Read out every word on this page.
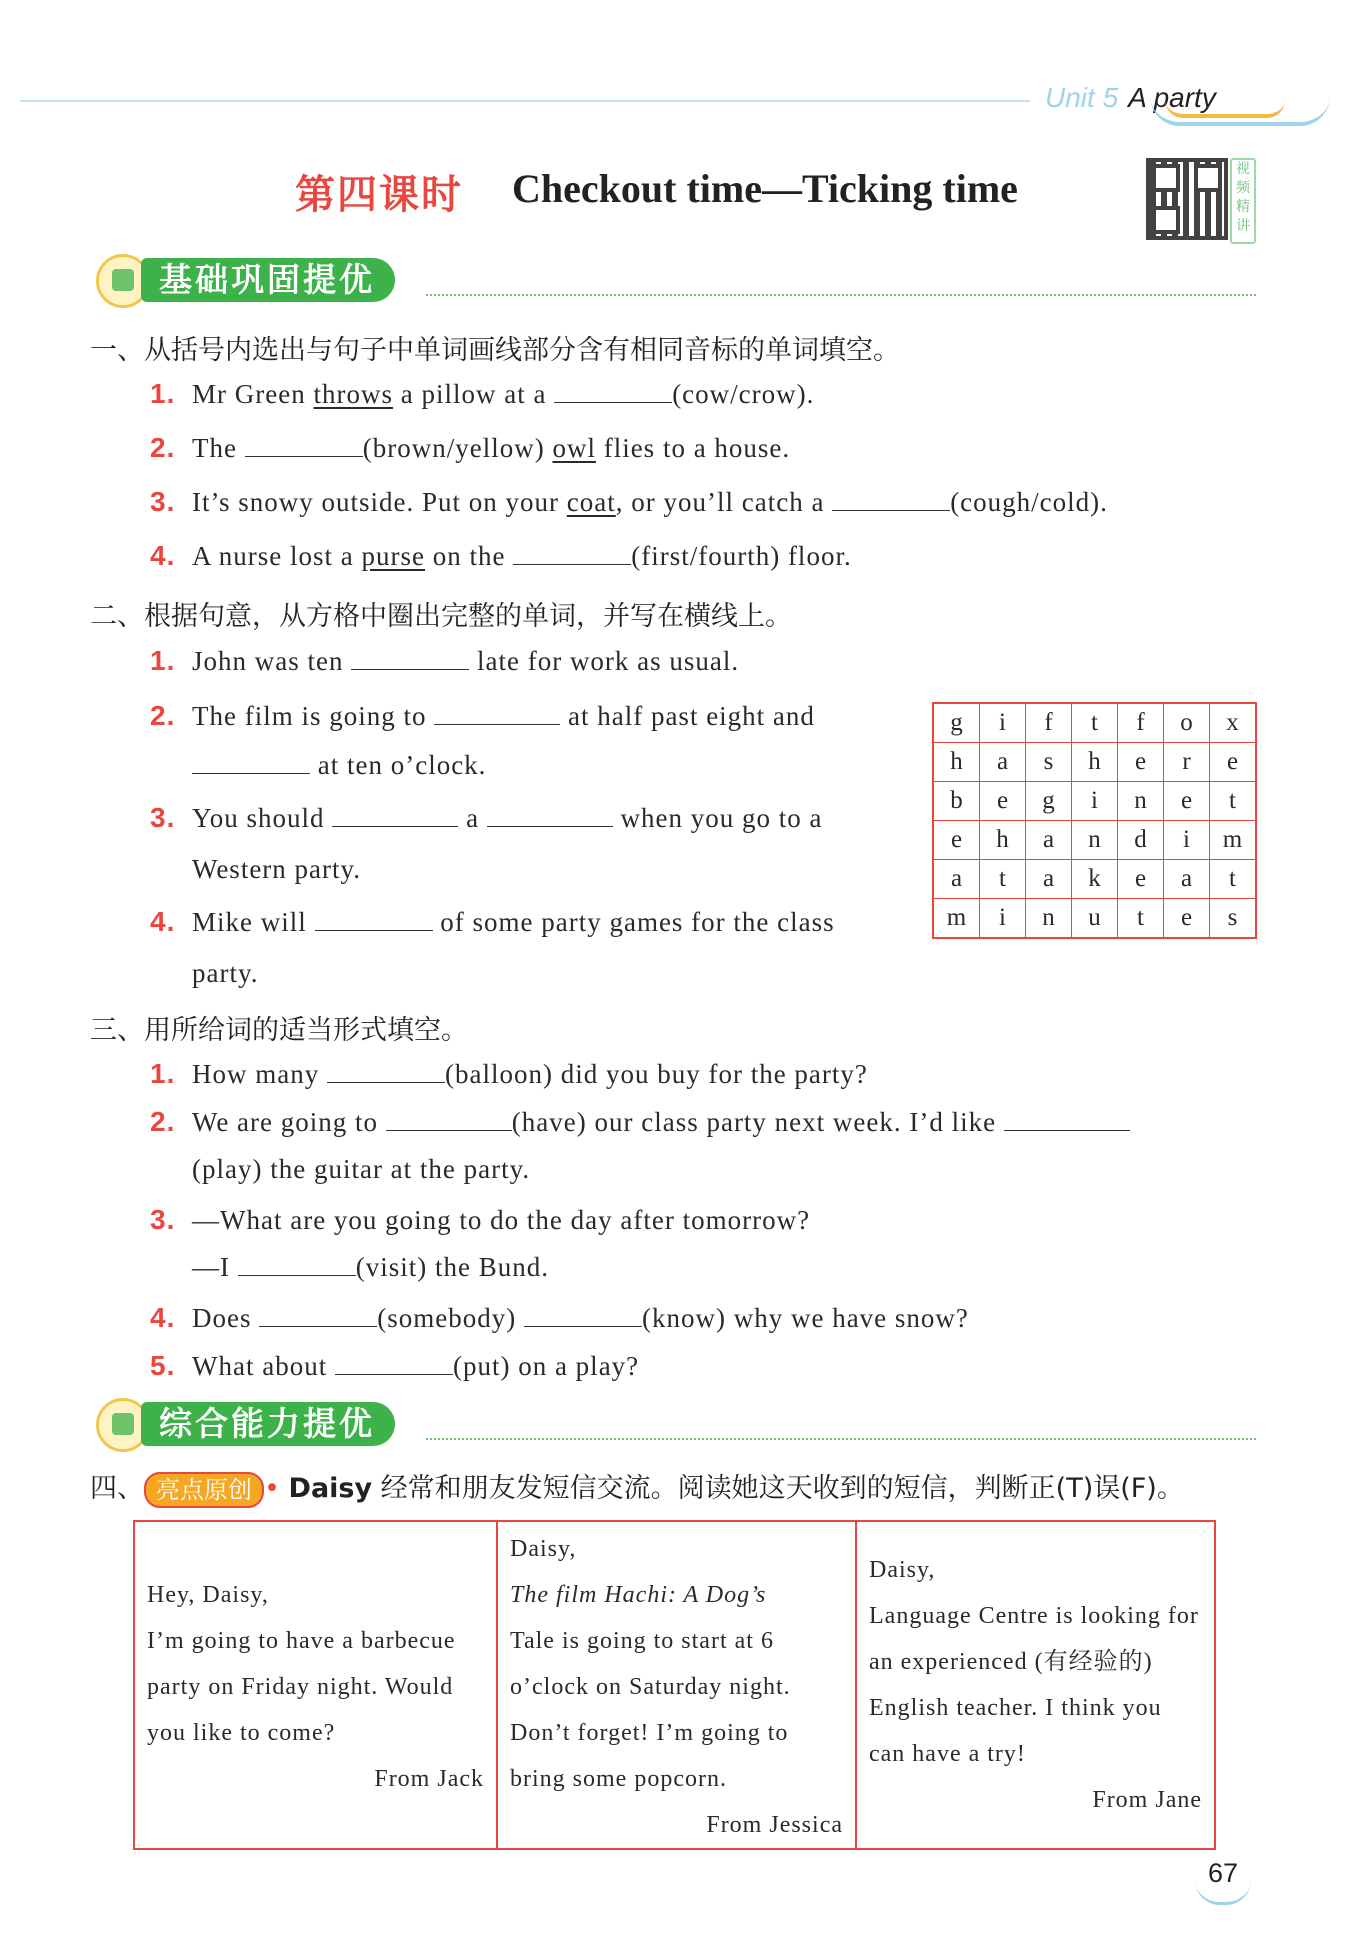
Unit 5 A party
第四课时 Checkout time—Ticking time	视频精讲
基础巩固提优
一、从括号内选出与句子中单词画线部分含有相同音标的单词填空。
1. Mr Green throws a pillow at a	(cow/crow).
2. The	(brown/yellow) owl flies to a house.
3. It’s snowy outside. Put on your coat, or you’ll catch a	(cough/cold).
4. A nurse lost a purse on the	(first/fourth) floor.
二、根据句意，从方格中圈出完整的单词，并写在横线上。
1. John was ten	late for work as usual.
2. The film is going to	at half past eight and
at ten o’clock.
3. You should	a	when you go to a
Western party.
4. Mike will	of some party games for the class
party.
g	i	f	t	f	o	x
h	a	s	h	e	r	e
b	e	g	i	n	e	t
e	h	a	n	d	i	m
a	t	a	k	e	a	t
m	i	n	u	t	e	s
三、用所给词的适当形式填空。
1. How many	(balloon) did you buy for the party?
2. We are going to	(have) our class party next week. I’d like
(play) the guitar at the party.
3. —What are you going to do the day after tomorrow?
—I	(visit) the Bund.
4. Does	(somebody)	(know) why we have snow?
5. What about	(put) on a play?
综合能力提优
四、 亮点原创 • Daisy 经常和朋友发短信交流。阅读她这天收到的短信，判断正(T)误(F)。

Hey, Daisy,

I’m going to have a barbecue

party on Friday night. Would

you like to come?

From Jack

Daisy,

The film Hachi: A Dog’s

Tale is going to start at 6

o’clock on Saturday night.

Don’t forget! I’m going to

bring some popcorn.

From Jessica

Daisy,

Language Centre is looking for

an experienced (有经验的)

English teacher. I think you

can have a try!

From Jane

67
